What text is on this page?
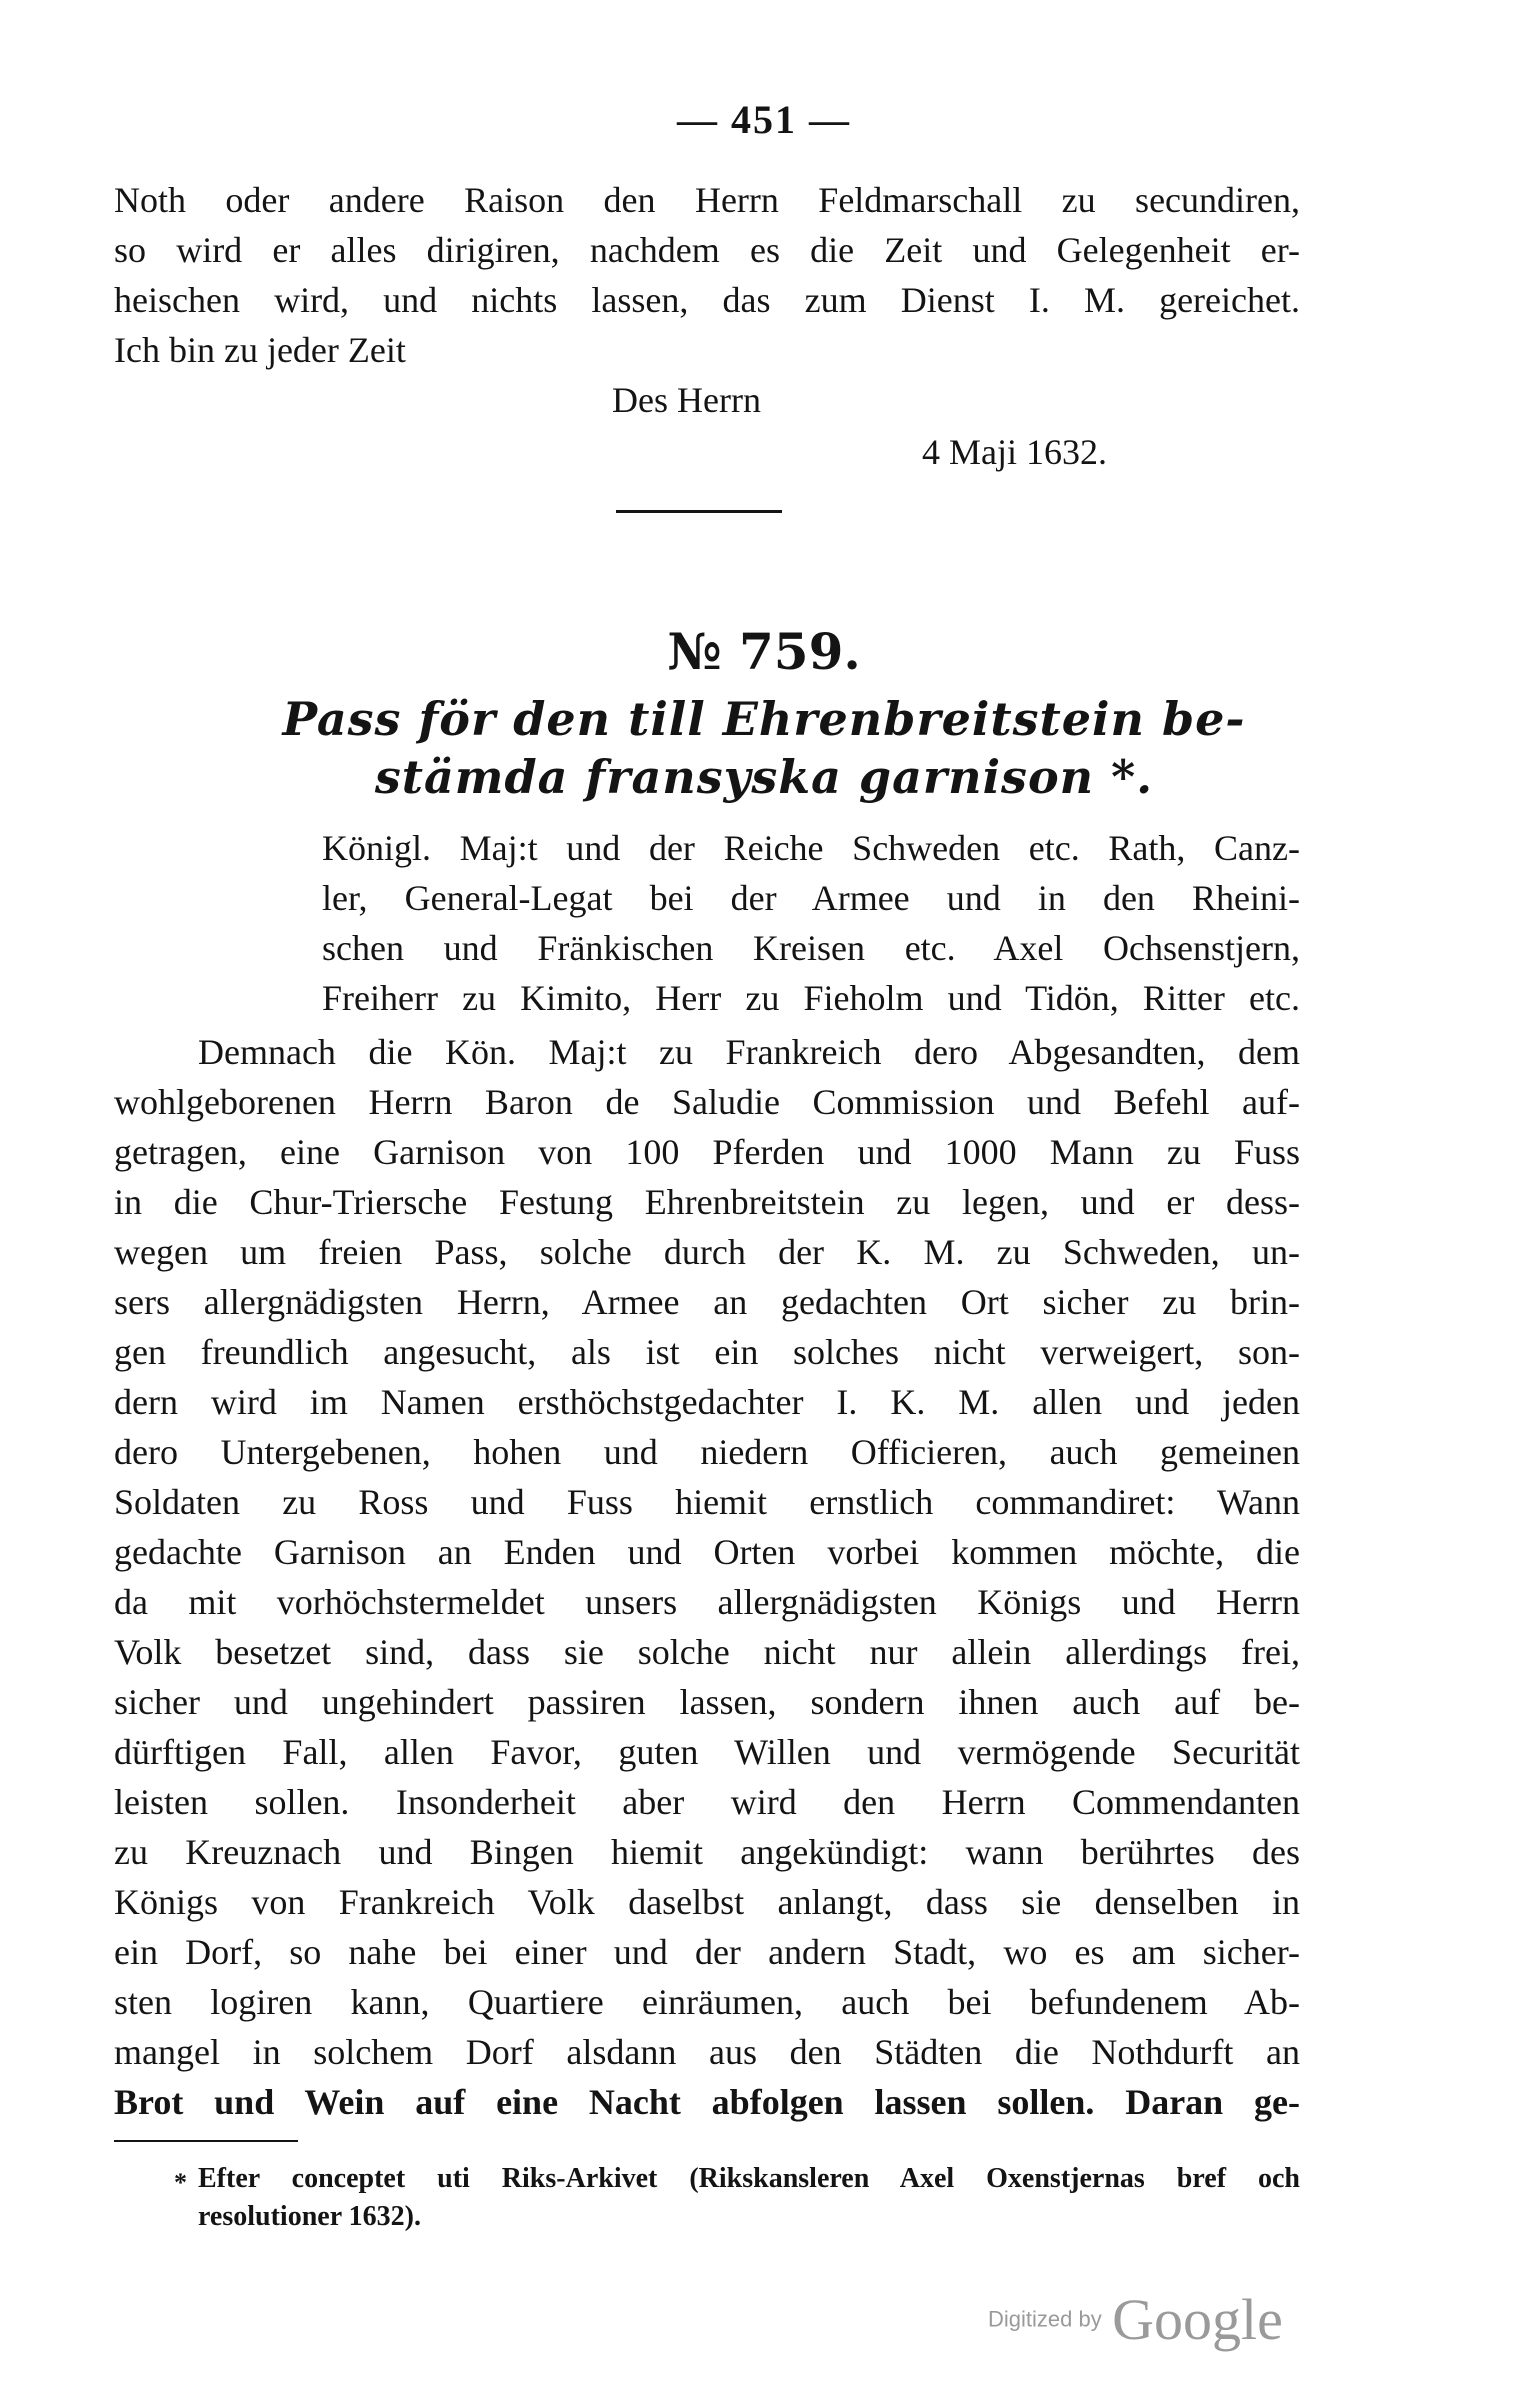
— 451 —
Noth oder andere Raison den Herrn Feldmarschall zu secundiren,
so wird er alles dirigiren, nachdem es die Zeit und Gelegenheit er-
heischen wird, und nichts lassen, das zum Dienst I. M. gereichet.
Ich bin zu jeder Zeit
Des Herrn
4 Maji 1632.
№ 759.
Pass för den till Ehrenbreitstein be-
stämda fransyska garnison *.
Königl. Maj:t und der Reiche Schweden etc. Rath, Canz-
ler, General-Legat bei der Armee und in den Rheini-
schen und Fränkischen Kreisen etc. Axel Ochsenstjern,
Freiherr zu Kimito, Herr zu Fieholm und Tidön, Ritter etc.
Demnach die Kön. Maj:t zu Frankreich dero Abgesandten, dem
wohlgeborenen Herrn Baron de Saludie Commission und Befehl auf-
getragen, eine Garnison von 100 Pferden und 1000 Mann zu Fuss
in die Chur-Triersche Festung Ehrenbreitstein zu legen, und er dess-
wegen um freien Pass, solche durch der K. M. zu Schweden, un-
sers allergnädigsten Herrn, Armee an gedachten Ort sicher zu brin-
gen freundlich angesucht, als ist ein solches nicht verweigert, son-
dern wird im Namen ersthöchstgedachter I. K. M. allen und jeden
dero Untergebenen, hohen und niedern Officieren, auch gemeinen
Soldaten zu Ross und Fuss hiemit ernstlich commandiret: Wann
gedachte Garnison an Enden und Orten vorbei kommen möchte, die
da mit vorhöchstermeldet unsers allergnädigsten Königs und Herrn
Volk besetzet sind, dass sie solche nicht nur allein allerdings frei,
sicher und ungehindert passiren lassen, sondern ihnen auch auf be-
dürftigen Fall, allen Favor, guten Willen und vermögende Securität
leisten sollen. Insonderheit aber wird den Herrn Commendanten
zu Kreuznach und Bingen hiemit angekündigt: wann berührtes des
Königs von Frankreich Volk daselbst anlangt, dass sie denselben in
ein Dorf, so nahe bei einer und der andern Stadt, wo es am sicher-
sten logiren kann, Quartiere einräumen, auch bei befundenem Ab-
mangel in solchem Dorf alsdann aus den Städten die Nothdurft an
Brot und Wein auf eine Nacht abfolgen lassen sollen. Daran ge-
* Efter conceptet uti Riks-Arkivet (Rikskansleren Axel Oxenstjernas bref och
resolutioner 1632).
Digitized by Google
